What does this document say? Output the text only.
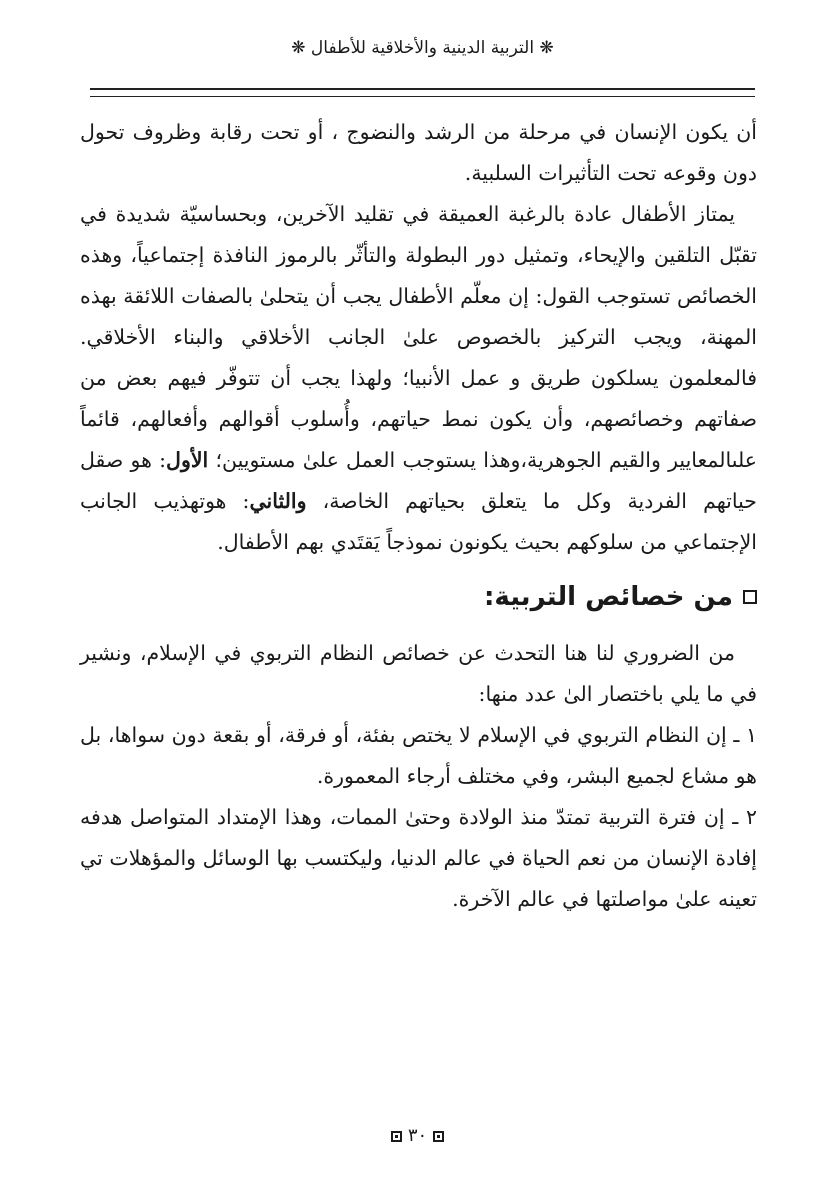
❋ التربية الدينية والأخلاقية للأطفال ❋

أن يكون الإنسان في مرحلة من الرشد والنضوج ، أو تحت رقابة وظروف تحول دون وقوعه تحت التأثيرات السلبية.

يمتاز الأطفال عادة بالرغبة العميقة في تقليد الآخرين، وبحساسيّة شديدة في تقبّل التلقين والإيحاء، وتمثيل دور البطولة والتأثّر بالرموز النافذة إجتماعياً، وهذه الخصائص تستوجب القول: إن معلّم الأطفال يجب أن يتحلىٰ بالصفات اللائقة بهذه المهنة، ويجب التركيز بالخصوص علىٰ الجانب الأخلاقي والبناء الأخلاقي. فالمعلمون يسلكون طريق و عمل الأنبيا؛ ولهذا يجب أن تتوفّر فيهم بعض من صفاتهم وخصائصهم، وأن يكون نمط حياتهم، وأُسلوب أقوالهم وأفعالهم، قائماً علىالمعايير والقيم الجوهرية،وهذا يستوجب العمل علىٰ مستويين؛ الأول: هو صقل حياتهم الفردية وكل ما يتعلق بحياتهم الخاصة، والثاني: هوتهذيب الجانب الإجتماعي من سلوكهم بحيث يكونون نموذجاً يَقتَدي بهم الأطفال.

من خصائص التربية:

من الضروري لنا هنا التحدث عن خصائص النظام التربوي في الإسلام، ونشير في ما يلي باختصار الىٰ عدد منها:

١ ـ إن النظام التربوي في الإسلام لا يختص بفئة، أو فرقة، أو بقعة دون سواها، بل هو مشاع لجميع البشر، وفي مختلف أرجاء المعمورة.

٢ ـ إن فترة التربية تمتدّ منذ الولادة وحتىٰ الممات، وهذا الإمتداد المتواصل هدفه إفادة الإنسان من نعم الحياة في عالم الدنيا، وليكتسب بها الوسائل والمؤهلات تي تعينه علىٰ مواصلتها في عالم الآخرة.

٣٠
